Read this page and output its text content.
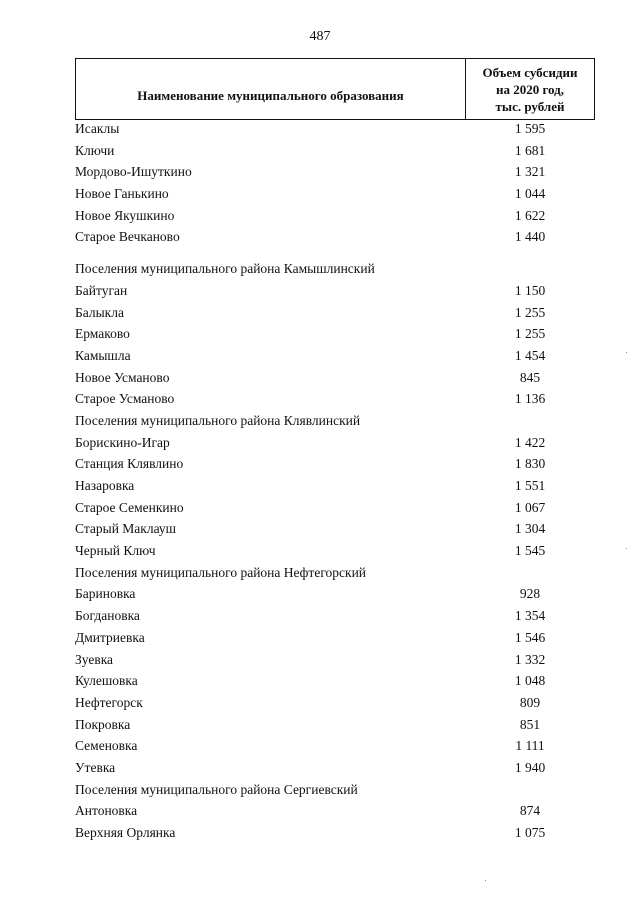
487
Наименование муниципального образования
Объем субсидии
на 2020 год,
тыс. рублей
Исаклы	1 595
Ключи	1 681
Мордово-Ишуткино	1 321
Новое Ганькино	1 044
Новое Якушкино	1 622
Старое Вечканово	1 440
Поселения муниципального района Камышлинский
Байтуган	1 150
Балыкла	1 255
Ермаково	1 255
Камышла	1 454
Новое Усманово	845
Старое Усманово	1 136
Поселения муниципального района Клявлинский
Борискино-Игар	1 422
Станция Клявлино	1 830
Назаровка	1 551
Старое Семенкино	1 067
Старый Маклауш	1 304
Черный Ключ	1 545
Поселения муниципального района Нефтегорский
Бариновка	928
Богдановка	1 354
Дмитриевка	1 546
Зуевка	1 332
Кулешовка	1 048
Нефтегорск	809
Покровка	851
Семеновка	1 111
Утевка	1 940
Поселения муниципального района Сергиевский
Антоновка	874
Верхняя Орлянка	1 075
